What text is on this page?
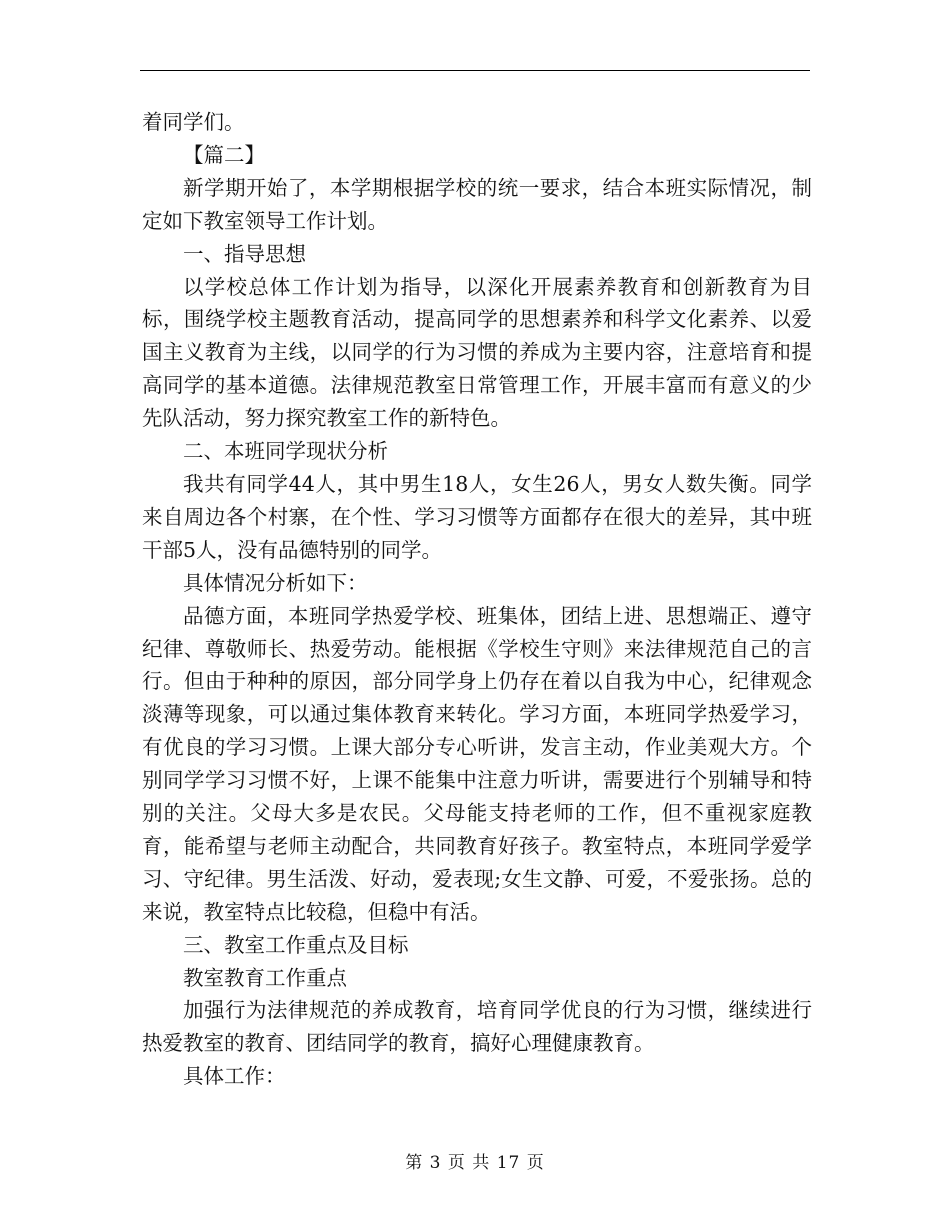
着同学们。

【篇二】

新学期开始了，本学期根据学校的统一要求，结合本班实际情况，制定如下教室领导工作计划。

一、指导思想

以学校总体工作计划为指导，以深化开展素养教育和创新教育为目标，围绕学校主题教育活动，提高同学的思想素养和科学文化素养、以爱国主义教育为主线，以同学的行为习惯的养成为主要内容，注意培育和提高同学的基本道德。法律规范教室日常管理工作，开展丰富而有意义的少先队活动，努力探究教室工作的新特色。

二、本班同学现状分析

我共有同学44人，其中男生18人，女生26人，男女人数失衡。同学来自周边各个村寨，在个性、学习习惯等方面都存在很大的差异，其中班干部5人，没有品德特别的同学。

具体情况分析如下：

品德方面，本班同学热爱学校、班集体，团结上进、思想端正、遵守纪律、尊敬师长、热爱劳动。能根据《学校生守则》来法律规范自己的言行。但由于种种的原因，部分同学身上仍存在着以自我为中心，纪律观念淡薄等现象，可以通过集体教育来转化。学习方面，本班同学热爱学习，有优良的学习习惯。上课大部分专心听讲，发言主动，作业美观大方。个别同学学习习惯不好，上课不能集中注意力听讲，需要进行个别辅导和特别的关注。父母大多是农民。父母能支持老师的工作，但不重视家庭教育，能希望与老师主动配合，共同教育好孩子。教室特点，本班同学爱学习、守纪律。男生活泼、好动，爱表现;女生文静、可爱，不爱张扬。总的来说，教室特点比较稳，但稳中有活。

三、教室工作重点及目标

教室教育工作重点

加强行为法律规范的养成教育，培育同学优良的行为习惯，继续进行热爱教室的教育、团结同学的教育，搞好心理健康教育。

具体工作：

第 3 页 共 17 页
